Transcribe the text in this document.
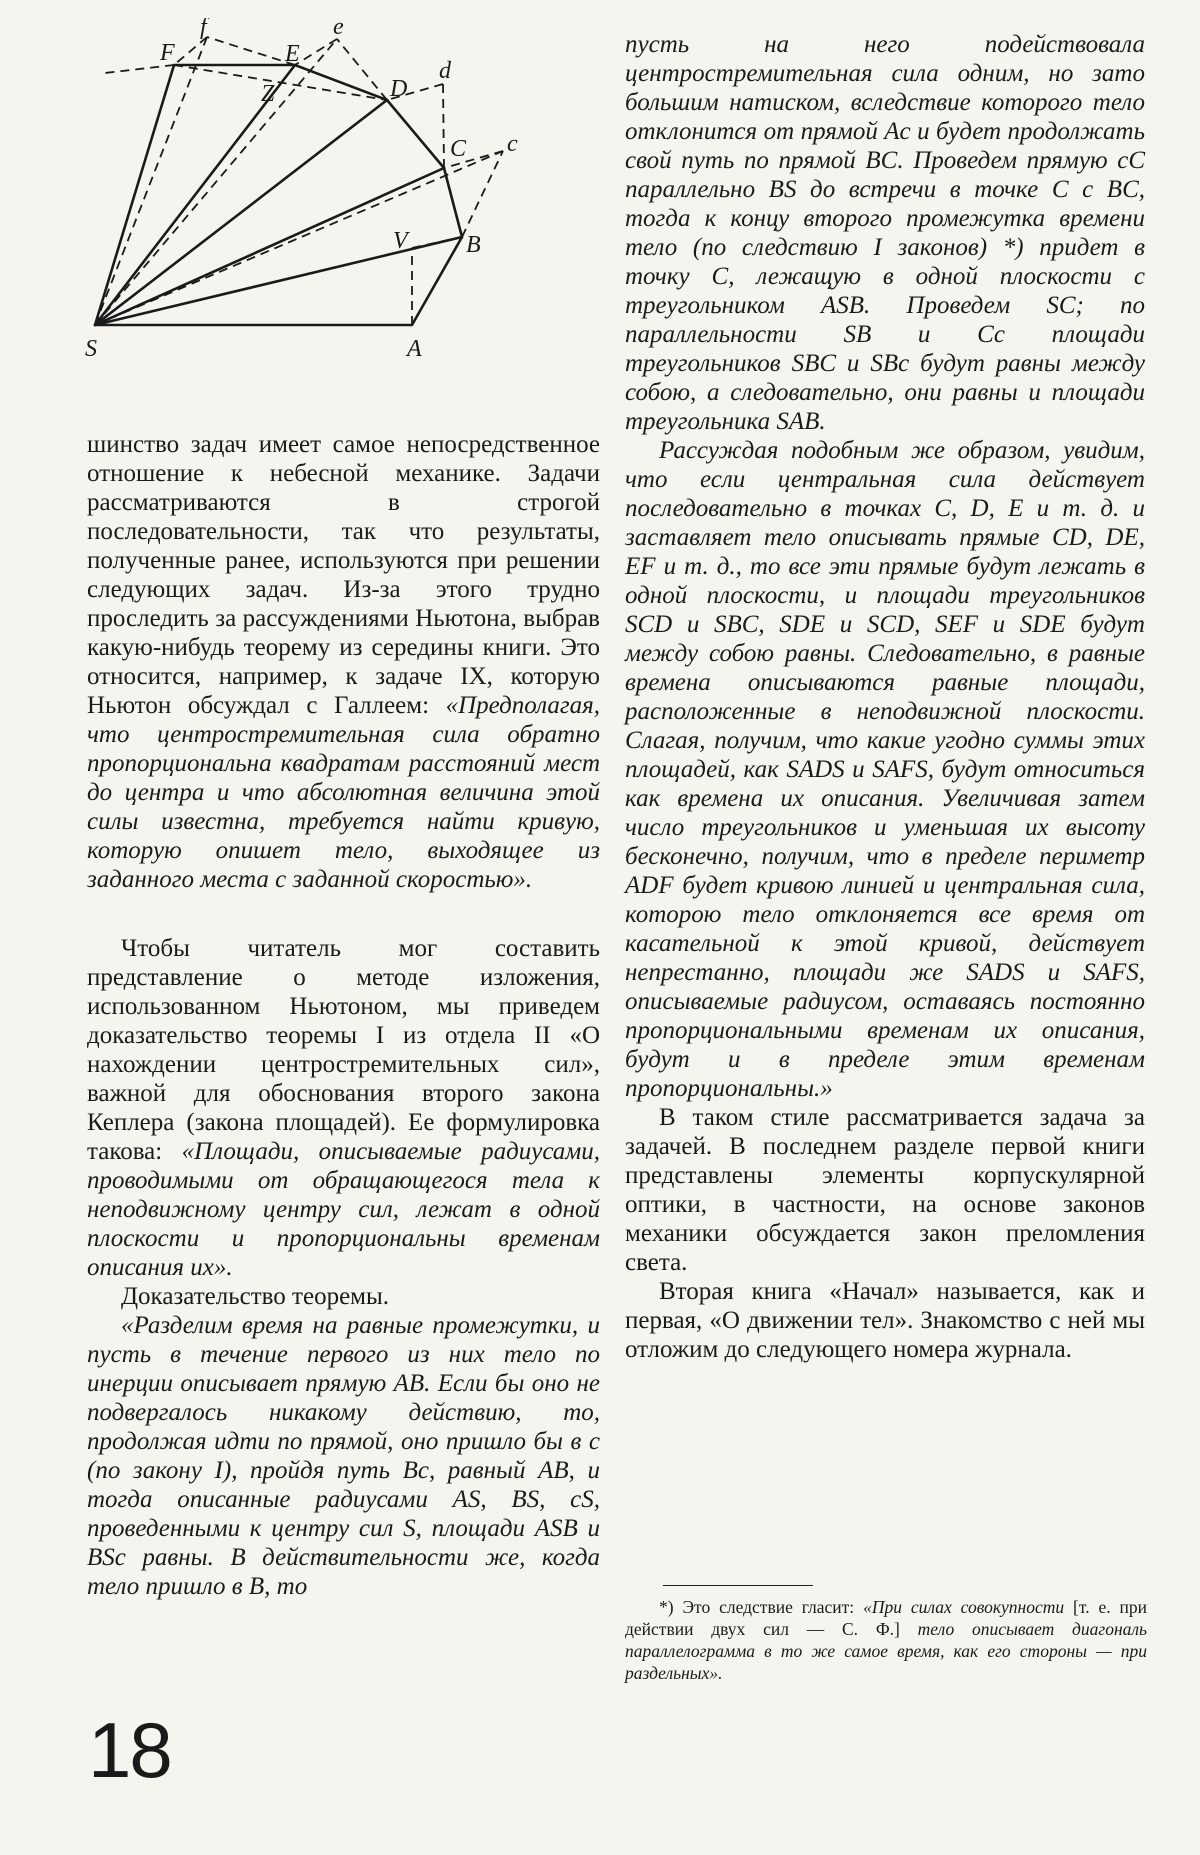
S	A
B
V
C c
D
d
E
e
Z
F
f

шинство задач имеет самое непосредственное отношение к небесной механике. Задачи рассматриваются в строгой последовательности, так что результаты, полученные ранее, используются при решении следующих задач. Из-за этого трудно проследить за рассуждениями Ньютона, выбрав какую-нибудь теорему из середины книги. Это относится, например, к задаче IX, которую Ньютон обсуждал с Галлеем: «Предполагая, что центростремительная сила обратно пропорциональна квадратам расстояний мест до центра и что абсолютная величина этой силы известна, требуется найти кривую, которую опишет тело, выходящее из заданного места с заданной скоростью».

Чтобы читатель мог составить представление о методе изложения, использованном Ньютоном, мы приведем доказательство теоремы I из отдела II «О нахождении центростремительных сил», важной для обоснования второго закона Кеплера (закона площадей). Ее формулировка такова: «Площади, описываемые радиусами, проводимыми от обращающегося тела к неподвижному центру сил, лежат в одной плоскости и пропорциональны временам описания их».

Доказательство теоремы.

«Разделим время на равные промежутки, и пусть в течение первого из них тело по инерции описывает прямую AB. Если бы оно не подвергалось никакому действию, то, продолжая идти по прямой, оно пришло бы в c (по закону I), пройдя путь Bc, равный AB, и тогда описанные радиусами AS, BS, cS, проведенными к центру сил S, площади ASB и BSc равны. В действительности же, когда тело пришло в B, то

пусть на него подействовала центростремительная сила одним, но зато большим натиском, вследствие которого тело отклонится от прямой Ac и будет продолжать свой путь по прямой BC. Проведем прямую cC параллельно BS до встречи в точке C с BC, тогда к концу второго промежутка времени тело (по следствию I законов) *) придет в точку C, лежащую в одной плоскости с треугольником ASB. Проведем SC; по параллельности SB и Cc площади треугольников SBC и SBc будут равны между собою, а следовательно, они равны и площади треугольника SAB.

Рассуждая подобным же образом, увидим, что если центральная сила действует последовательно в точках C, D, E и т. д. и заставляет тело описывать прямые CD, DE, EF и т. д., то все эти прямые будут лежать в одной плоскости, и площади треугольников SCD и SBC, SDE и SCD, SEF и SDE будут между собою равны. Следовательно, в равные времена описываются равные площади, расположенные в неподвижной плоскости. Слагая, получим, что какие угодно суммы этих площадей, как SADS и SAFS, будут относиться как времена их описания. Увеличивая затем число треугольников и уменьшая их высоту бесконечно, получим, что в пределе периметр ADF будет кривою линией и центральная сила, которою тело отклоняется все время от касательной к этой кривой, действует непрестанно, площади же SADS и SAFS, описываемые радиусом, оставаясь постоянно пропорциональными временам их описания, будут и в пределе этим временам пропорциональны.»

В таком стиле рассматривается задача за задачей. В последнем разделе первой книги представлены элементы корпускулярной оптики, в частности, на основе законов механики обсуждается закон преломления света.

Вторая книга «Начал» называется, как и первая, «О движении тел». Знакомство с ней мы отложим до следующего номера журнала.

*) Это следствие гласит: «При силах совокупности [т. е. при действии двух сил — С. Ф.] тело описывает диагональ параллелограмма в то же самое время, как его стороны — при раздельных».

18
